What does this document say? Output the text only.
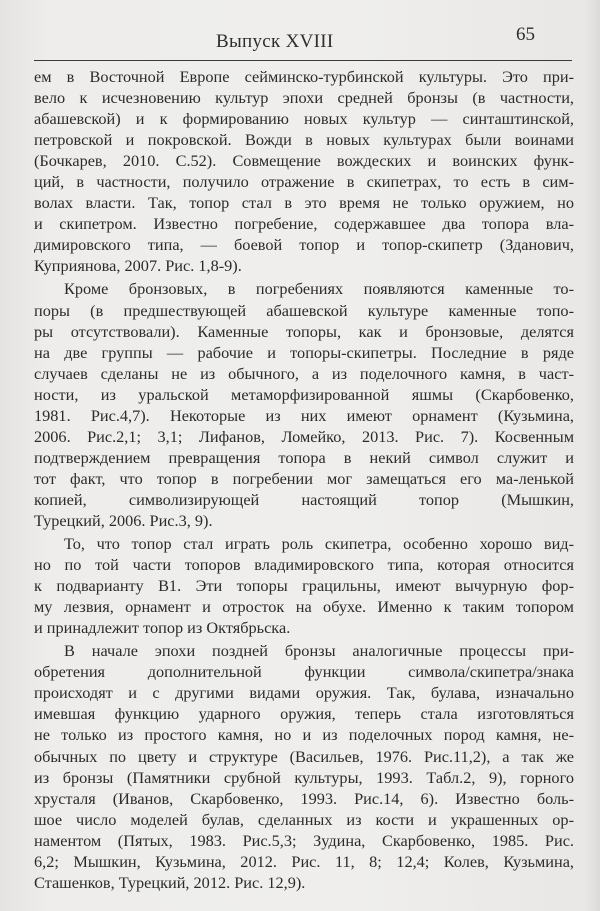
Выпуск XVIII	65
ем в Восточной Европе сейминско-турбинской культуры. Это при-
вело к исчезновению культур эпохи средней бронзы (в частности,
абашевской) и к формированию новых культур — синташтинской,
петровской и покровской. Вожди в новых культурах были воинами
(Бочкарев, 2010. С.52). Совмещение вождеских и воинских функ-
ций, в частности, получило отражение в скипетрах, то есть в сим-
волах власти. Так, топор стал в это время не только оружием, но
и скипетром. Известно погребение, содержавшее два топора вла-
димировского типа, — боевой топор и топор-скипетр (Зданович,
Куприянова, 2007. Рис. 1,8-9).
Кроме бронзовых, в погребениях появляются каменные то-
поры (в предшествующей абашевской культуре каменные топо-
ры отсутствовали). Каменные топоры, как и бронзовые, делятся
на две группы — рабочие и топоры-скипетры. Последние в ряде
случаев сделаны не из обычного, а из поделочного камня, в част-
ности, из уральской метаморфизированной яшмы (Скарбовенко,
1981. Рис.4,7). Некоторые из них имеют орнамент (Кузьмина,
2006. Рис.2,1; 3,1; Лифанов, Ломейко, 2013. Рис. 7). Косвенным
подтверждением превращения топора в некий символ служит и
тот факт, что топор в погребении мог замещаться его ма-ленькой
копией, символизирующей настоящий топор (Мышкин,
Турецкий, 2006. Рис.3, 9).
То, что топор стал играть роль скипетра, особенно хорошо вид-
но по той части топоров владимировского типа, которая относится
к подварианту В1. Эти топоры грацильны, имеют вычурную фор-
му лезвия, орнамент и отросток на обухе. Именно к таким топором
и принадлежит топор из Октябрьска.
В начале эпохи поздней бронзы аналогичные процессы при-
обретения дополнительной функции символа/скипетра/знака
происходят и с другими видами оружия. Так, булава, изначально
имевшая функцию ударного оружия, теперь стала изготовляться
не только из простого камня, но и из поделочных пород камня, не-
обычных по цвету и структуре (Васильев, 1976. Рис.11,2), а так же
из бронзы (Памятники срубной культуры, 1993. Табл.2, 9), горного
хрусталя (Иванов, Скарбовенко, 1993. Рис.14, 6). Известно боль-
шое число моделей булав, сделанных из кости и украшенных ор-
наментом (Пятых, 1983. Рис.5,3; Зудина, Скарбовенко, 1985. Рис.
6,2; Мышкин, Кузьмина, 2012. Рис. 11, 8; 12,4; Колев, Кузьмина,
Сташенков, Турецкий, 2012. Рис. 12,9).
